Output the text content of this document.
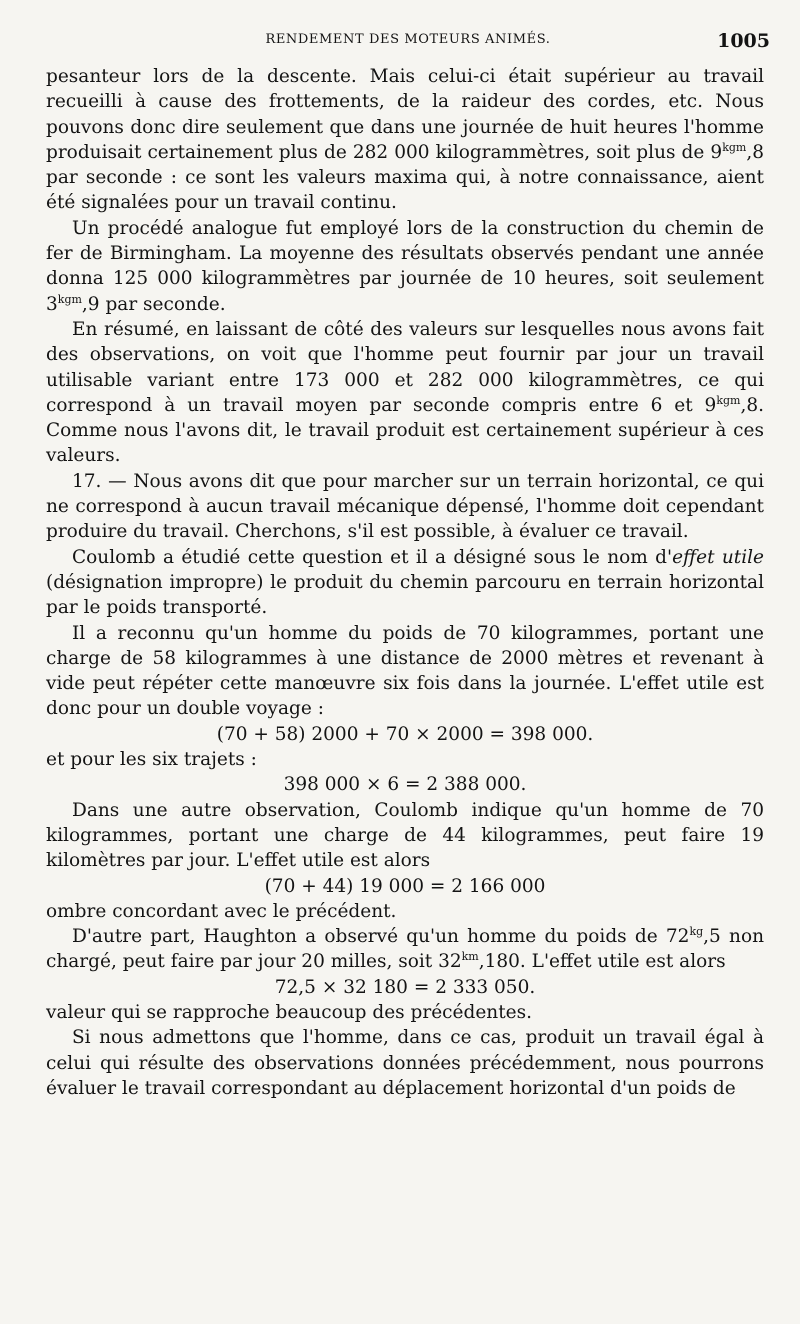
RENDEMENT DES MOTEURS ANIMÉS.	1005

pesanteur lors de la descente. Mais celui-ci était supérieur au travail recueilli à cause des frottements, de la raideur des cordes, etc. Nous pouvons donc dire seulement que dans une journée de huit heures l'homme produisait certainement plus de 282 000 kilogrammètres, soit plus de $9^{kgm},8$ par seconde : ce sont les valeurs maxima qui, à notre connaissance, aient été signalées pour un travail continu.

Un procédé analogue fut employé lors de la construction du chemin de fer de Birmingham. La moyenne des résultats observés pendant une année donna 125 000 kilogrammètres par journée de 10 heures, soit seulement $3^{kgm},9$ par seconde.

En résumé, en laissant de côté des valeurs sur lesquelles nous avons fait des observations, on voit que l'homme peut fournir par jour un travail utilisable variant entre 173 000 et 282 000 kilogrammètres, ce qui correspond à un travail moyen par seconde compris entre 6 et $9^{kgm},8$. Comme nous l'avons dit, le travail produit est certainement supérieur à ces valeurs.

17. — Nous avons dit que pour marcher sur un terrain horizontal, ce qui ne correspond à aucun travail mécanique dépensé, l'homme doit cependant produire du travail. Cherchons, s'il est possible, à évaluer ce travail.

Coulomb a étudié cette question et il a désigné sous le nom d'effet utile (désignation impropre) le produit du chemin parcouru en terrain horizontal par le poids transporté.

Il a reconnu qu'un homme du poids de 70 kilogrammes, portant une charge de 58 kilogrammes à une distance de 2000 mètres et revenant à vide peut répéter cette manœuvre six fois dans la journée. L'effet utile est donc pour un double voyage :

(70 + 58) 2000 + 70 × 2000 = 398 000.

et pour les six trajets :

398 000 × 6 = 2 388 000.

Dans une autre observation, Coulomb indique qu'un homme de 70 kilogrammes, portant une charge de 44 kilogrammes, peut faire 19 kilomètres par jour. L'effet utile est alors

(70 + 44) 19 000 = 2 166 000

ombre concordant avec le précédent.

D'autre part, Haughton a observé qu'un homme du poids de $72^{kg},5$ non chargé, peut faire par jour 20 milles, soit $32^{km},180$. L'effet utile est alors

72,5 × 32 180 = 2 333 050.

valeur qui se rapproche beaucoup des précédentes.

Si nous admettons que l'homme, dans ce cas, produit un travail égal à celui qui résulte des observations données précédemment, nous pourrons évaluer le travail correspondant au déplacement horizontal d'un poids de
